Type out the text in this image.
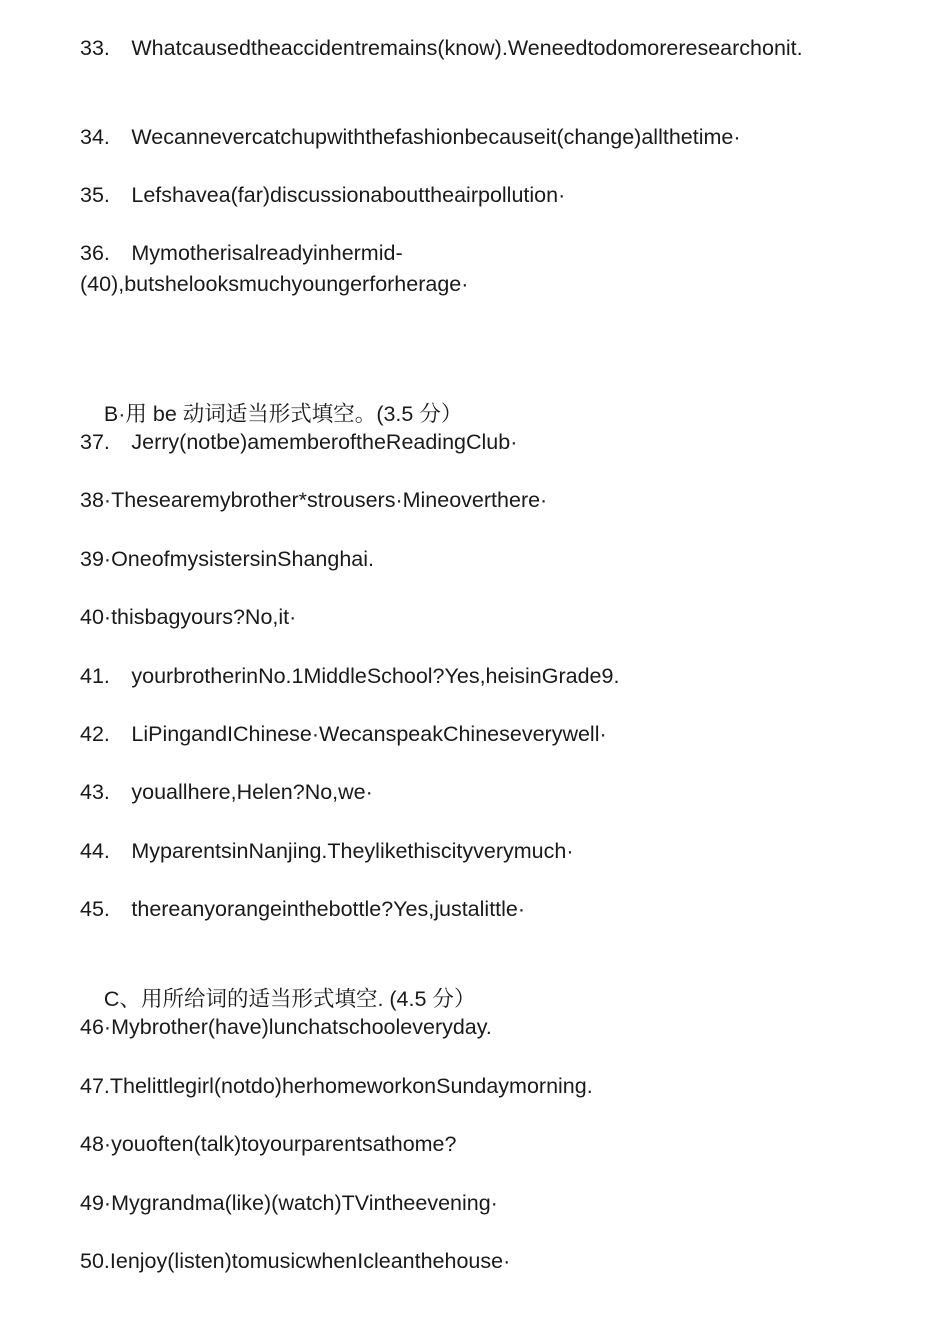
33.　Whatcausedtheaccidentremains(know).Weneedtodomoreresearchonit.

34.　Wecannevercatchupwiththefashionbecauseit(change)allthetime·

35.　Lefshavea(far)discussionabouttheairpollution·

36.　Mymotherisalreadyinhermid-
(40),butshelooksmuchyoungerforherage·

B·用 be 动词适当形式填空。(3.5 分）

37.　Jerry(notbe)amemberoftheReadingClub·

38·Thesearemybrother*strousers·Mineoverthere·

39·OneofmysistersinShanghai.

40·thisbagyours?No,it·

41.　yourbrotherinNo.1MiddleSchool?Yes,heisinGrade9.

42.　LiPingandIChinese·WecanspeakChineseverywell·

43.　youallhere,Helen?No,we·

44.　MyparentsinNanjing.Theylikethiscityverymuch·

45.　thereanyorangeinthebottle?Yes,justalittle·

C、用所给词的适当形式填空. (4.5 分）

46·Mybrother(have)lunchatschooleveryday.

47.Thelittlegirl(notdo)herhomeworkonSundaymorning.

48·youoften(talk)toyourparentsathome?

49·Mygrandma(like)(watch)TVintheevening·

50.Ienjoy(listen)tomusicwhenIcleanthehouse·
